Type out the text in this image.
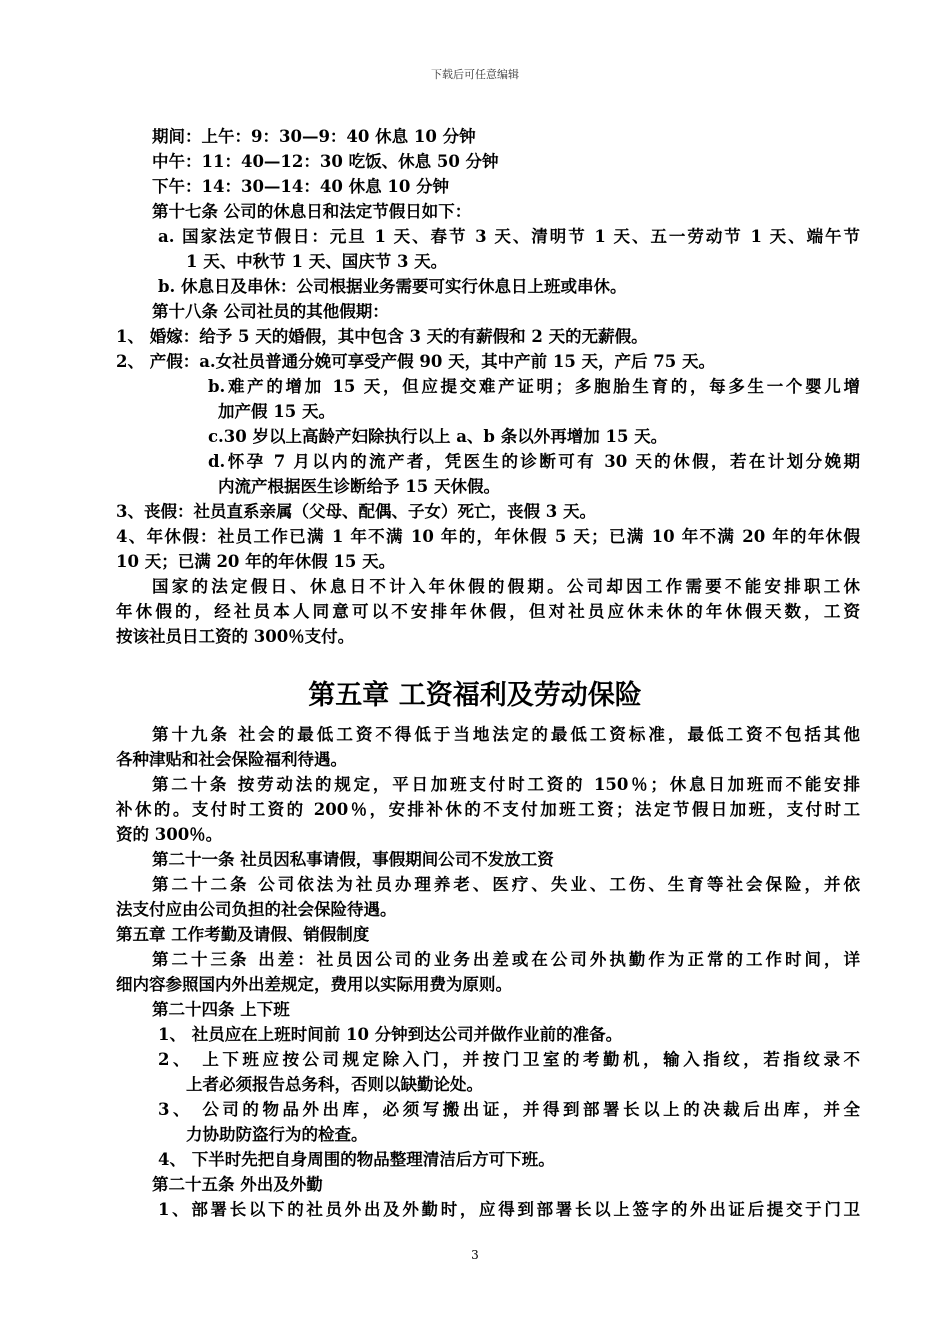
下载后可任意编辑
期间：上午：9：30—9：40 休息 10 分钟
中午：11：40—12：30 吃饭、休息 50 分钟
下午：14：30—14：40 休息 10 分钟
第十七条 公司的休息日和法定节假日如下：
a. 国家法定节假日：元旦 1 天、春节 3 天、清明节 1 天、五一劳动节 1 天、端午节
1 天、中秋节 1 天、国庆节 3 天。
b. 休息日及串休：公司根据业务需要可实行休息日上班或串休。
第十八条 公司社员的其他假期：
1、 婚嫁：给予 5 天的婚假，其中包含 3 天的有薪假和 2 天的无薪假。
2、 产假：a.女社员普通分娩可享受产假 90 天，其中产前 15 天，产后 75 天。
b.难产的增加 15 天，但应提交难产证明；多胞胎生育的，每多生一个婴儿增
加产假 15 天。
c.30 岁以上高龄产妇除执行以上 a、b 条以外再增加 15 天。
d.怀孕 7 月以内的流产者，凭医生的诊断可有 30 天的休假，若在计划分娩期
内流产根据医生诊断给予 15 天休假。
3、丧假：社员直系亲属（父母、配偶、子女）死亡，丧假 3 天。
4、年休假：社员工作已满 1 年不满 10 年的，年休假 5 天；已满 10 年不满 20 年的年休假
10 天；已满 20 年的年休假 15 天。
国家的法定假日、休息日不计入年休假的假期。公司却因工作需要不能安排职工休
年休假的，经社员本人同意可以不安排年休假，但对社员应休未休的年休假天数，工资
按该社员日工资的 300％支付。
第五章 工资福利及劳动保险
第十九条 社会的最低工资不得低于当地法定的最低工资标准，最低工资不包括其他
各种津贴和社会保险福利待遇。
第二十条 按劳动法的规定，平日加班支付时工资的 150％；休息日加班而不能安排
补休的。支付时工资的 200％，安排补休的不支付加班工资；法定节假日加班，支付时工
资的 300％。
第二十一条 社员因私事请假，事假期间公司不发放工资
第二十二条 公司依法为社员办理养老、医疗、失业、工伤、生育等社会保险，并依
法支付应由公司负担的社会保险待遇。
第五章 工作考勤及请假、销假制度
第二十三条 出差：社员因公司的业务出差或在公司外执勤作为正常的工作时间，详
细内容参照国内外出差规定，费用以实际用费为原则。
第二十四条 上下班
1、 社员应在上班时间前 10 分钟到达公司并做作业前的准备。
2、 上下班应按公司规定除入门，并按门卫室的考勤机，输入指纹，若指纹录不
上者必须报告总务科，否则以缺勤论处。
3、 公司的物品外出库，必须写搬出证，并得到部署长以上的决裁后出库，并全
力协助防盗行为的检查。
4、 下半时先把自身周围的物品整理清洁后方可下班。
第二十五条 外出及外勤
1、部署长以下的社员外出及外勤时，应得到部署长以上签字的外出证后提交于门卫
3
